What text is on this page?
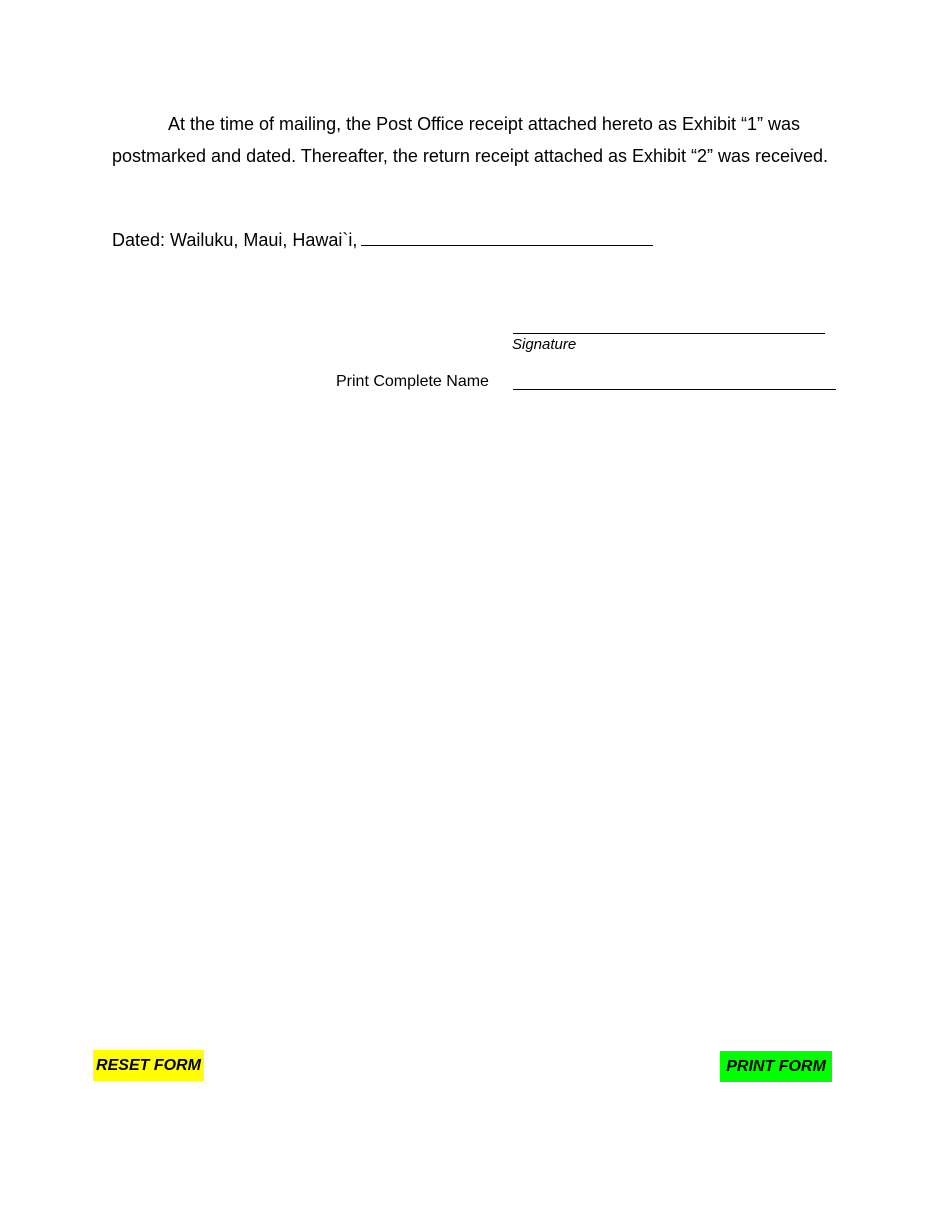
At the time of mailing, the Post Office receipt attached hereto as Exhibit “1” was postmarked and dated. Thereafter, the return receipt attached as Exhibit “2” was received.

Dated: Wailuku, Maui, Hawai`i,
Signature
Print Complete Name
RESET FORM	PRINT FORM
